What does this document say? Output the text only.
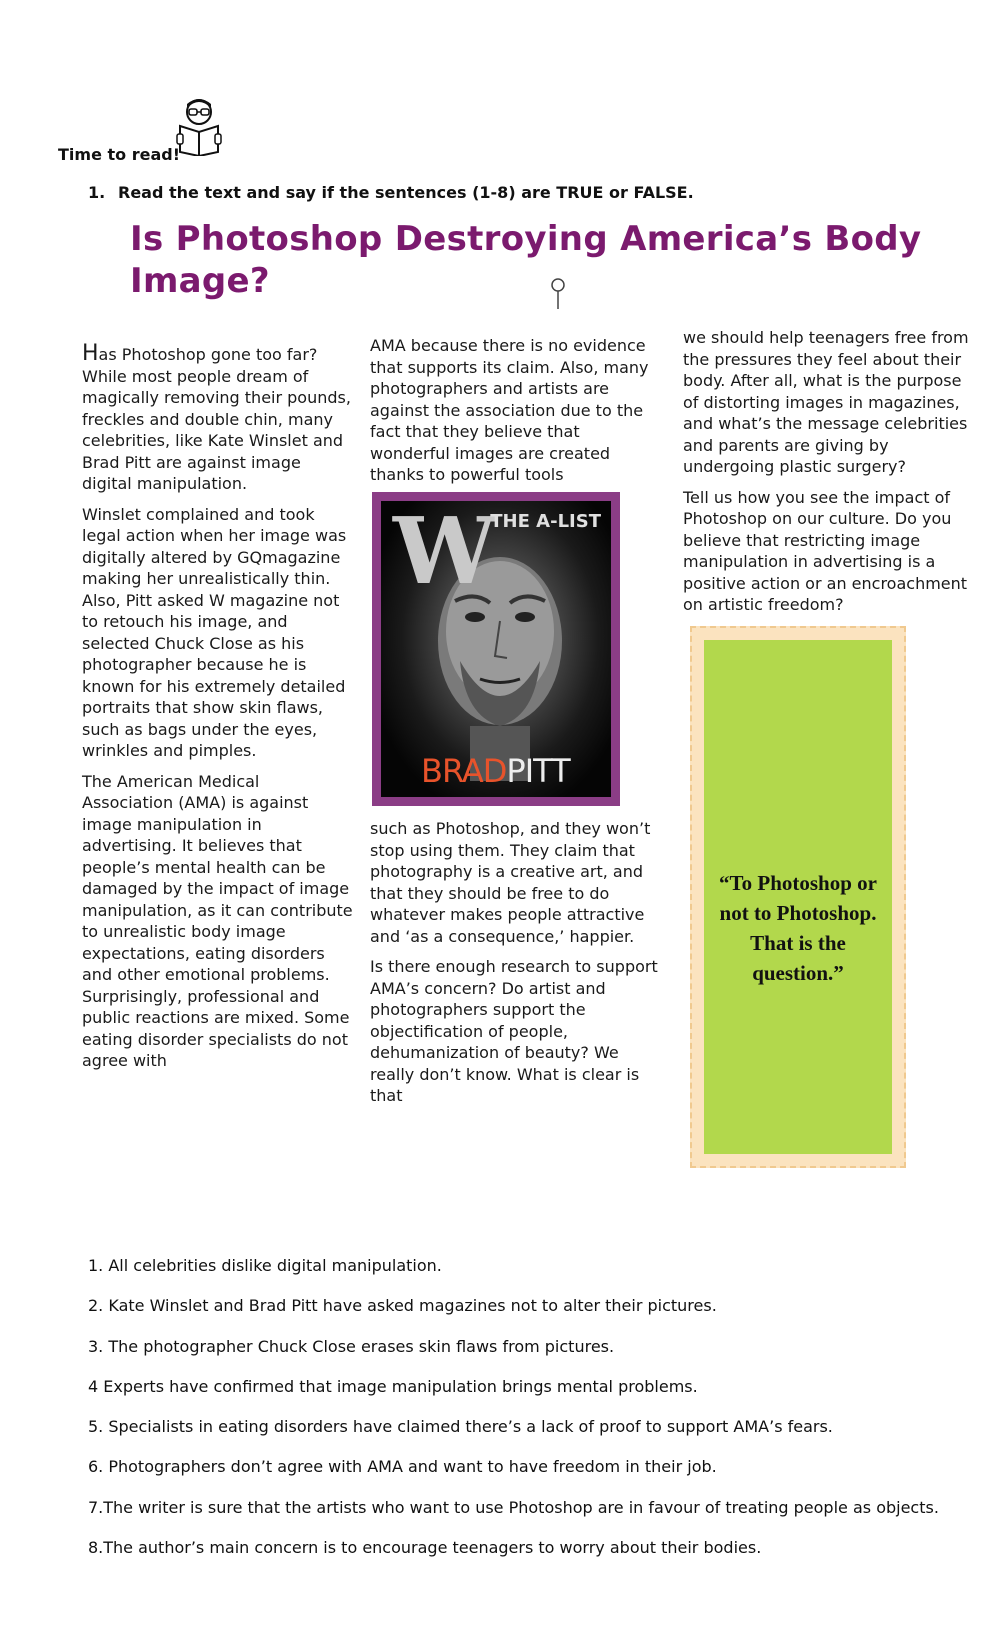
Time to read!
1. Read the text and say if the sentences (1-8) are TRUE or FALSE.
Is Photoshop Destroying America’s Body Image?

Has Photoshop gone too far? While most people dream of magically removing their pounds, freckles and double chin, many celebrities, like Kate Winslet and Brad Pitt are against image digital manipulation.

Winslet complained and took legal action when her image was digitally altered by GQmagazine making her unrealistically thin. Also, Pitt asked W magazine not to retouch his image, and selected Chuck Close as his photographer because he is known for his extremely detailed portraits that show skin flaws, such as bags under the eyes, wrinkles and pimples.

The American Medical Association (AMA) is against image manipulation in advertising. It believes that people’s mental health can be damaged by the impact of image manipulation, as it can contribute to unrealistic body image expectations, eating disorders and other emotional problems. Surprisingly, professional and public reactions are mixed. Some eating disorder specialists do not agree with

AMA because there is no evidence that supports its claim. Also, many photographers and artists are against the association due to the fact that they believe that wonderful images are created thanks to powerful tools

W
THE A-LIST
BRADPITT

such as Photoshop, and they won’t stop using them. They claim that photography is a creative art, and that they should be free to do whatever makes people attractive and ‘as a consequence,’ happier.

Is there enough research to support AMA’s concern? Do artist and photographers support the objectification of people, dehumanization of beauty? We really don’t know. What is clear is that

we should help teenagers free from the pressures they feel about their body. After all, what is the purpose of distorting images in magazines, and what’s the message celebrities and parents are giving by undergoing plastic surgery?

Tell us how you see the impact of Photoshop on our culture. Do you believe that restricting image manipulation in advertising is a positive action or an encroachment on artistic freedom?

“To Photoshop or not to Photoshop. That is the question.”
1. All celebrities dislike digital manipulation.
2. Kate Winslet and Brad Pitt have asked magazines not to alter their pictures.
3. The photographer Chuck Close erases skin flaws from pictures.
4 Experts have confirmed that image manipulation brings mental problems.
5. Specialists in eating disorders have claimed there’s a lack of proof to support AMA’s fears.
6. Photographers don’t agree with AMA and want to have freedom in their job.
7.The writer is sure that the artists who want to use Photoshop are in favour of treating people as objects.
8.The author’s main concern is to encourage teenagers to worry about their bodies.
